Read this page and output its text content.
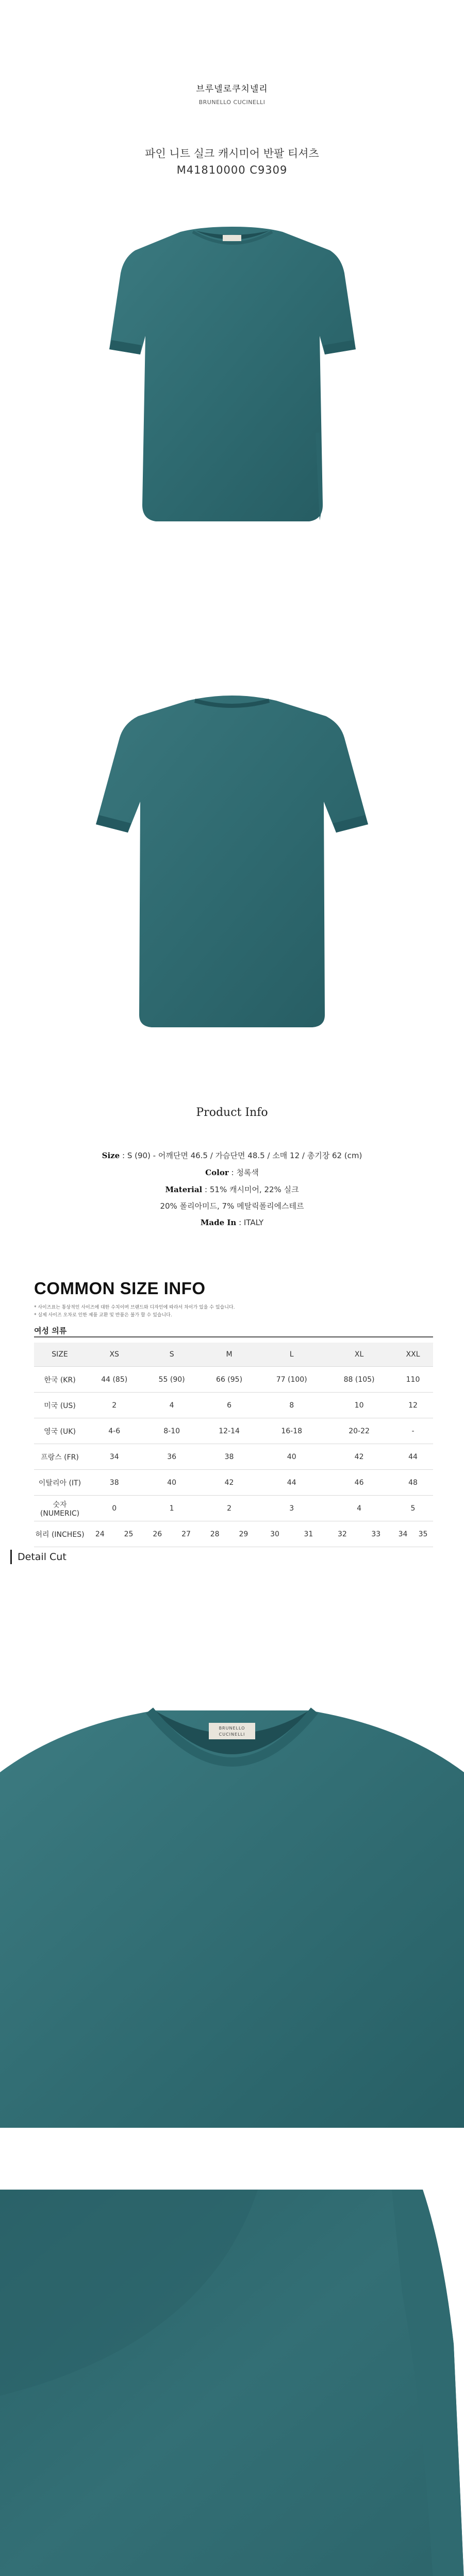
브루넬로쿠치넬리
BRUNELLO CUCINELLI
파인 니트 실크 캐시미어 반팔 티셔츠
M41810000 C9309
Product Info
Size : S (90) - 어깨단면 46.5 / 가슴단면 48.5 / 소매 12 / 총기장 62 (cm)
Color : 청록색
Material : 51% 캐시미어, 22% 실크
20% 폴리아미드, 7% 메탈릭폴리에스테르
Made In : ITALY
COMMON SIZE INFO
* 사이즈표는 통상적인 사이즈에 대한 수치이며 브랜드와 디자인에 따라서 차이가 있을 수 있습니다.
* 실제 사이즈 오차로 인한 제품 교환 및 반품은 불가 할 수 있습니다.
여성 의류
SIZE	XS		S		M		L		XL		XXL	
한국 (KR)	44 (85)		55 (90)		66 (95)		77 (100)		88 (105)		110	
미국 (US)	2		4		6		8		10		12	
영국 (UK)	4-6		8-10		12-14		16-18		20-22		-	
프랑스 (FR)	34		36		38		40		42		44	
이탈리아 (IT)	38		40		42		44		46		48	
숫자 (NUMERIC)	0		1		2		3		4		5	
허리 (INCHES)	24	25	26	27	28	29	30	31	32	33	34	35
Detail Cut
BRUNELLO
CUCINELLI
